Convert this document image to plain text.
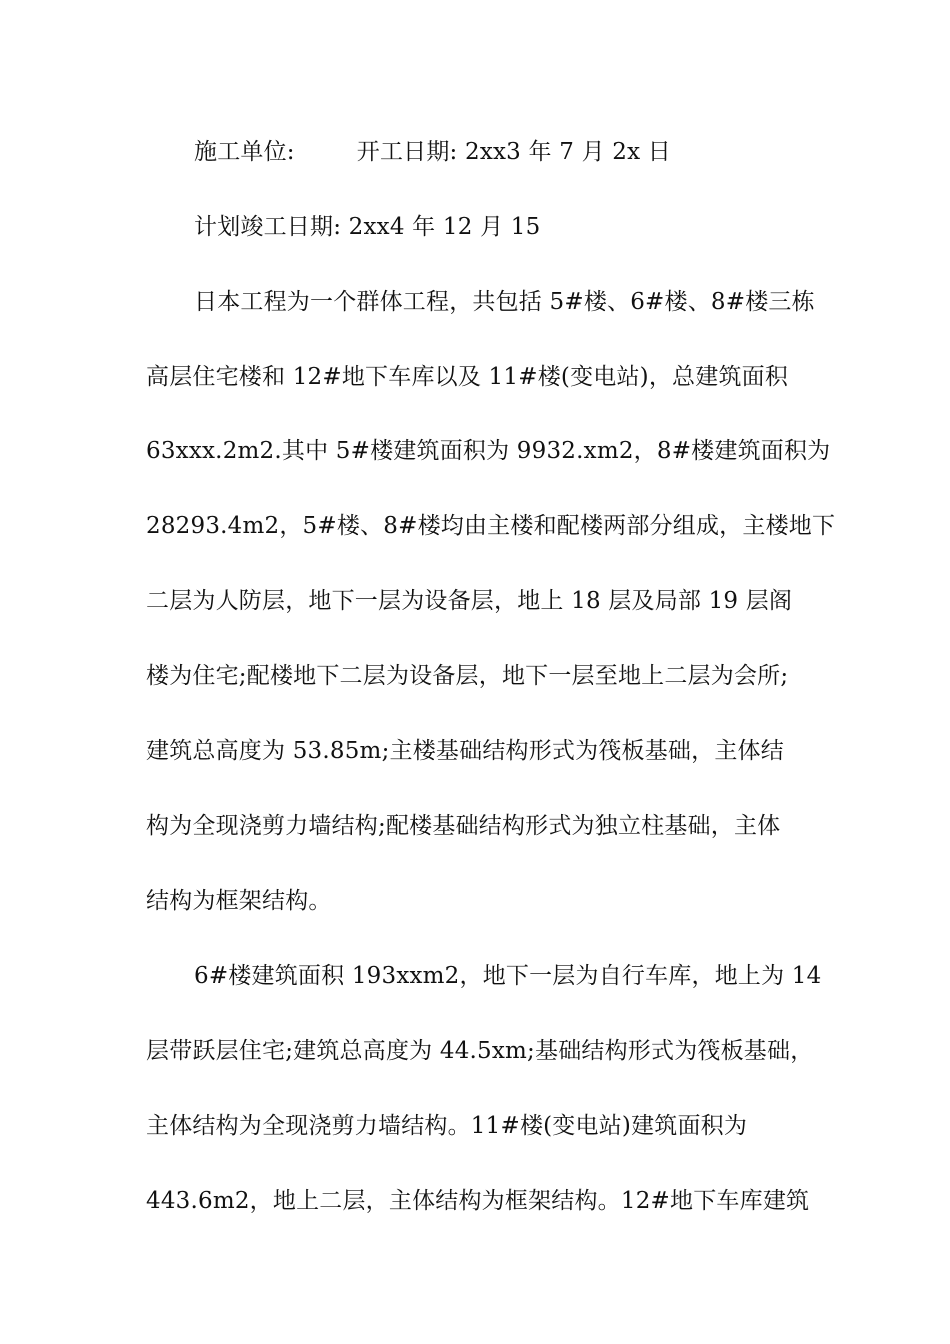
施工单位:	开工日期: 2xx3 年 7 月 2x 日
计划竣工日期: 2xx4 年 12 月 15
日本工程为一个群体工程，共包括 5#楼、6#楼、8#楼三栋
高层住宅楼和 12#地下车库以及 11#楼(变电站)，总建筑面积
63xxx.2m2.其中 5#楼建筑面积为 9932.xm2，8#楼建筑面积为
28293.4m2，5#楼、8#楼均由主楼和配楼两部分组成，主楼地下
二层为人防层，地下一层为设备层，地上 18 层及局部 19 层阁
楼为住宅;配楼地下二层为设备层，地下一层至地上二层为会所;
建筑总高度为 53.85m;主楼基础结构形式为筏板基础，主体结
构为全现浇剪力墙结构;配楼基础结构形式为独立柱基础，主体
结构为框架结构。
6#楼建筑面积 193xxm2，地下一层为自行车库，地上为 14
层带跃层住宅;建筑总高度为 44.5xm;基础结构形式为筏板基础，
主体结构为全现浇剪力墙结构。11#楼(变电站)建筑面积为
443.6m2，地上二层，主体结构为框架结构。12#地下车库建筑
